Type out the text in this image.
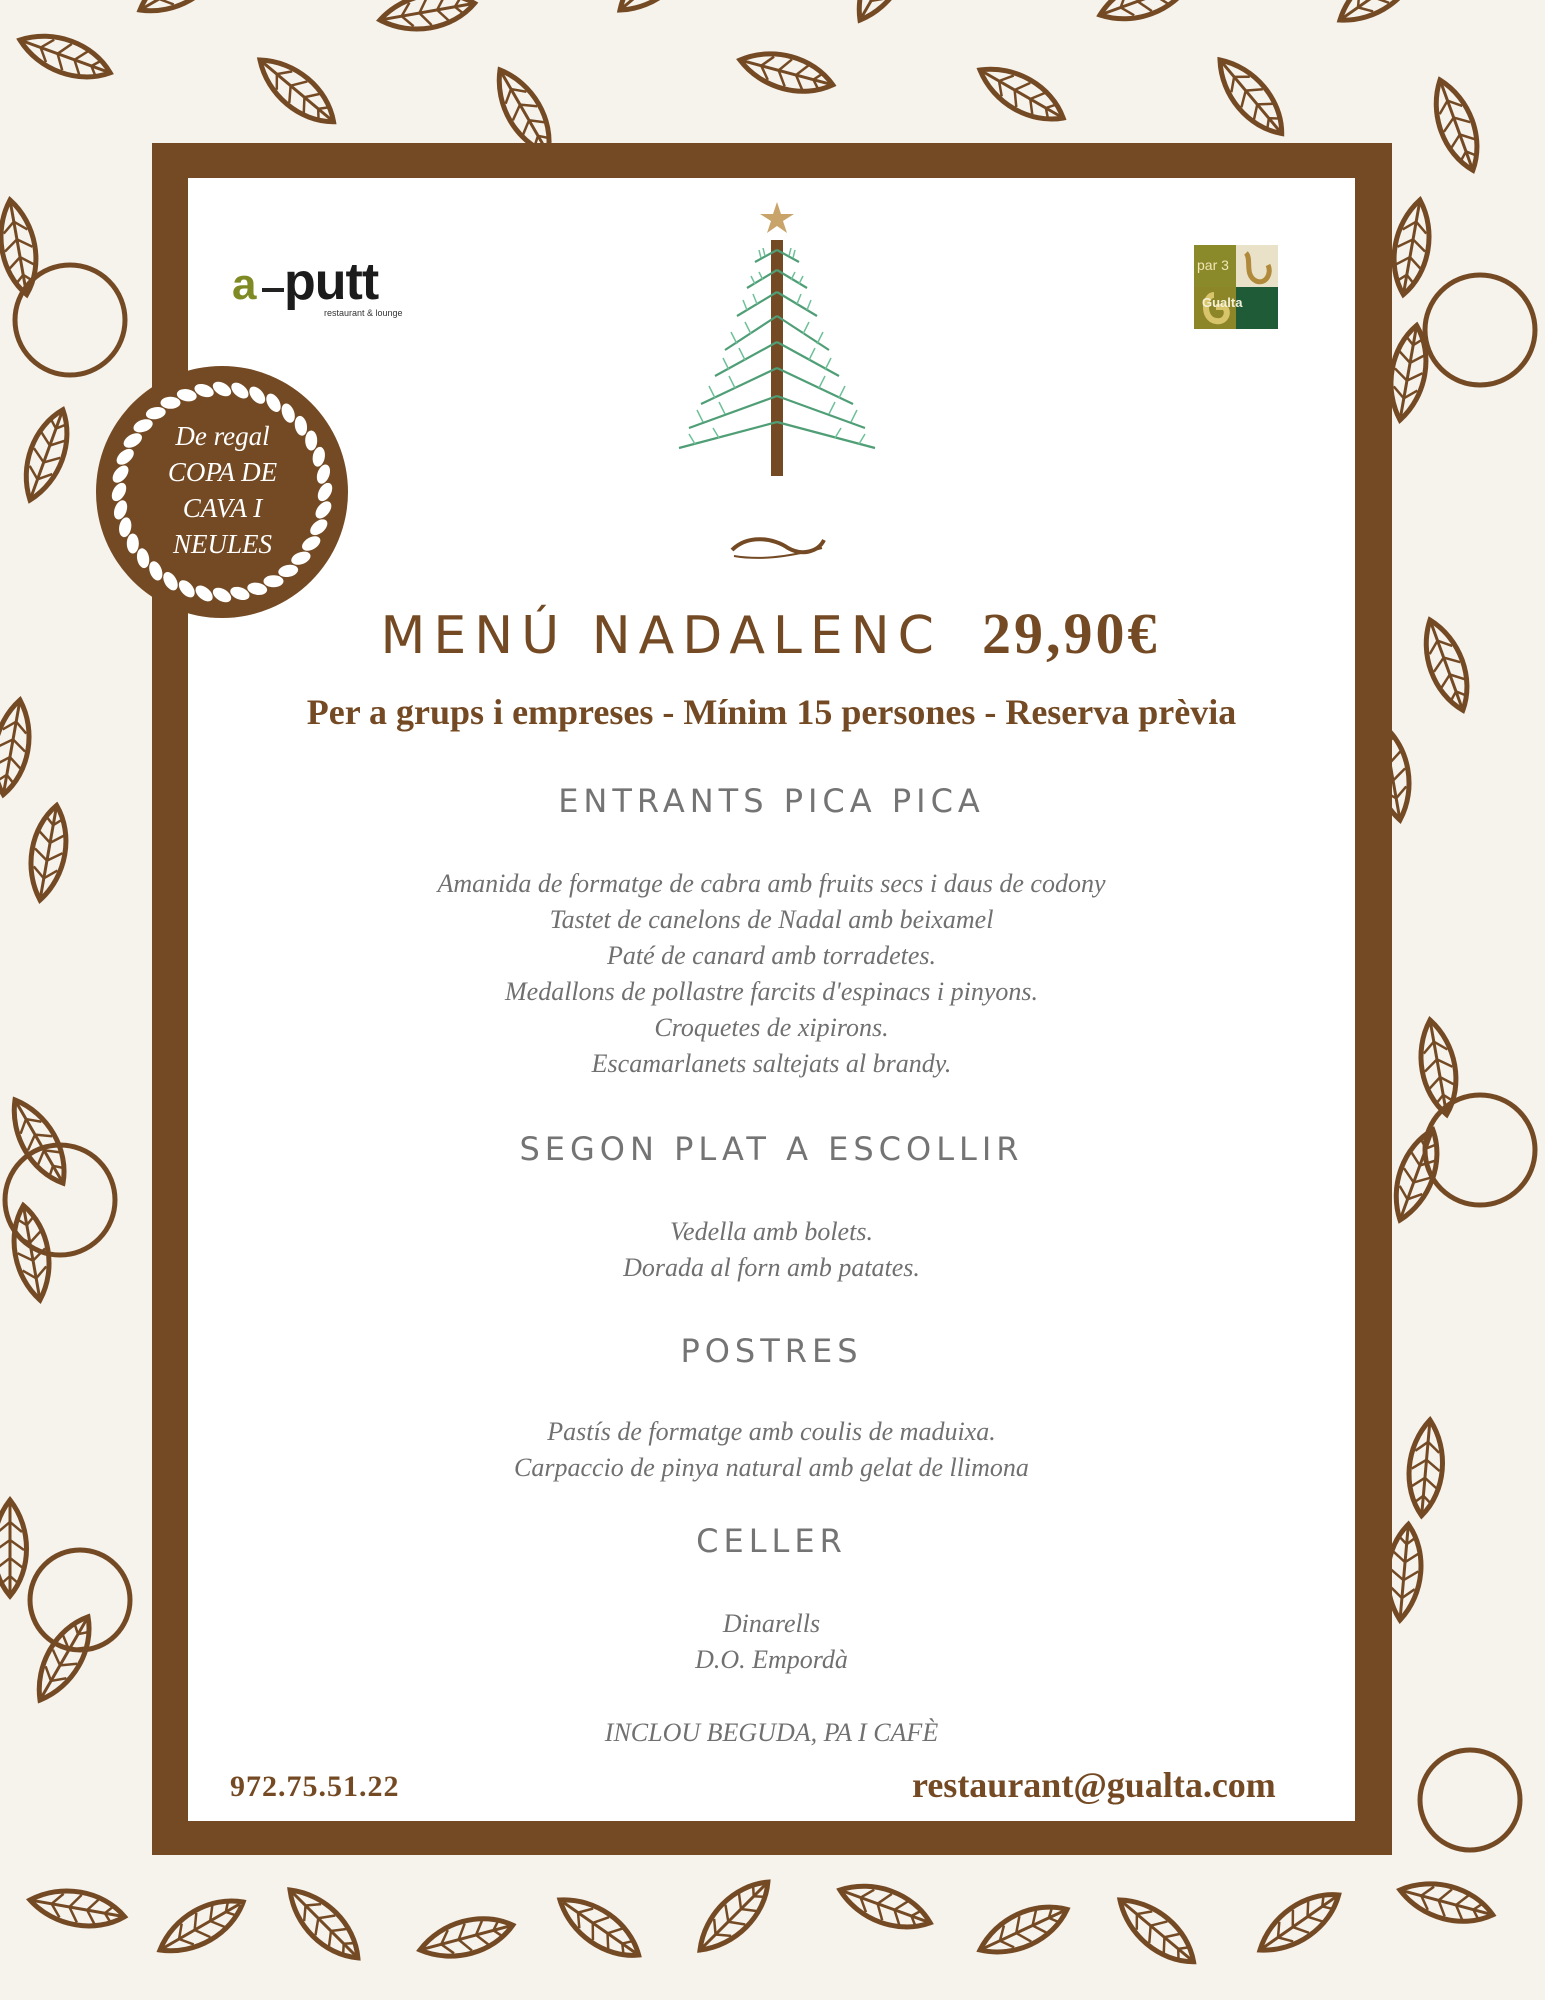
a putt
restaurant & lounge
par 3
Gualta
De regal
COPA DE
CAVA I
NEULES
MENÚ NADALENC 29,90€
Per a grups i empreses - Mínim 15 persones - Reserva prèvia
ENTRANTS PICA PICA
Amanida de formatge de cabra amb fruits secs i daus de codony
Tastet de canelons de Nadal amb beixamel
Paté de canard amb torradetes.
Medallons de pollastre farcits d'espinacs i pinyons.
Croquetes de xipirons.
Escamarlanets saltejats al brandy.
SEGON PLAT A ESCOLLIR
Vedella amb bolets.
Dorada al forn amb patates.
POSTRES
Pastís de formatge amb coulis de maduixa.
Carpaccio de pinya natural amb gelat de llimona
CELLER
Dinarells
D.O. Empordà
INCLOU BEGUDA, PA I CAFÈ
972.75.51.22	restaurant@gualta.com
